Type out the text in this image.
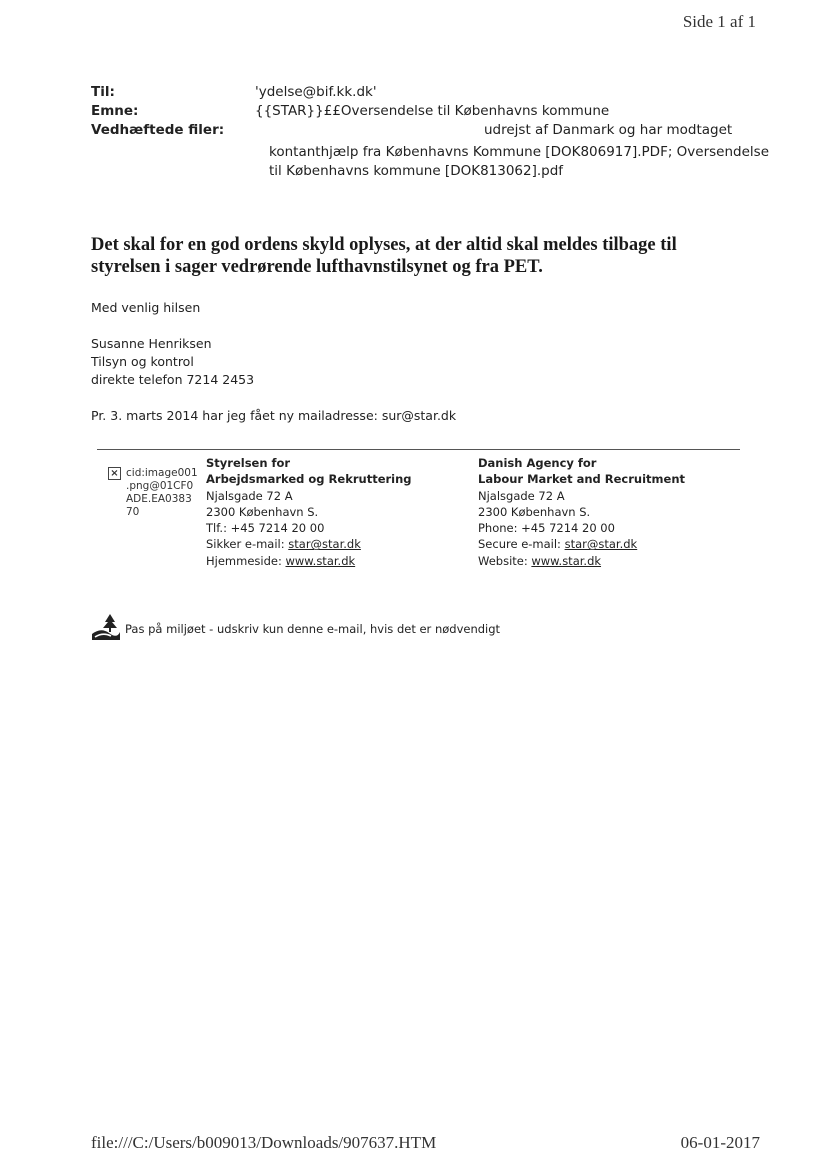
Side 1 af 1
Til:	'ydelse@bif.kk.dk'
Emne:	{{STAR}}££Oversendelse til Københavns kommune
Vedhæftede filer:	udrejst af Danmark og har modtaget
kontanthjælp fra Københavns Kommune [DOK806917].PDF; Oversendelse
til Københavns kommune [DOK813062].pdf
Det skal for en god ordens skyld oplyses, at der altid skal meldes tilbage til styrelsen i sager vedrørende lufthavnstilsynet og fra PET.
Med venlig hilsen
Susanne Henriksen
Tilsyn og kontrol
direkte telefon 7214 2453
Pr. 3. marts 2014 har jeg fået ny mailadresse: sur@star.dk
× cid:image001
.png@01CF0
ADE.EA0383
70
Styrelsen for
Arbejdsmarked og Rekruttering
Njalsgade 72 A
2300 København S.
Tlf.: +45 7214 20 00
Sikker e-mail: star@star.dk
Hjemmeside: www.star.dk
Danish Agency for
Labour Market and Recruitment
Njalsgade 72 A
2300 København S.
Phone: +45 7214 20 00
Secure e-mail: star@star.dk
Website: www.star.dk
Pas på miljøet - udskriv kun denne e-mail, hvis det er nødvendigt
file:///C:/Users/b009013/Downloads/907637.HTM	06-01-2017
